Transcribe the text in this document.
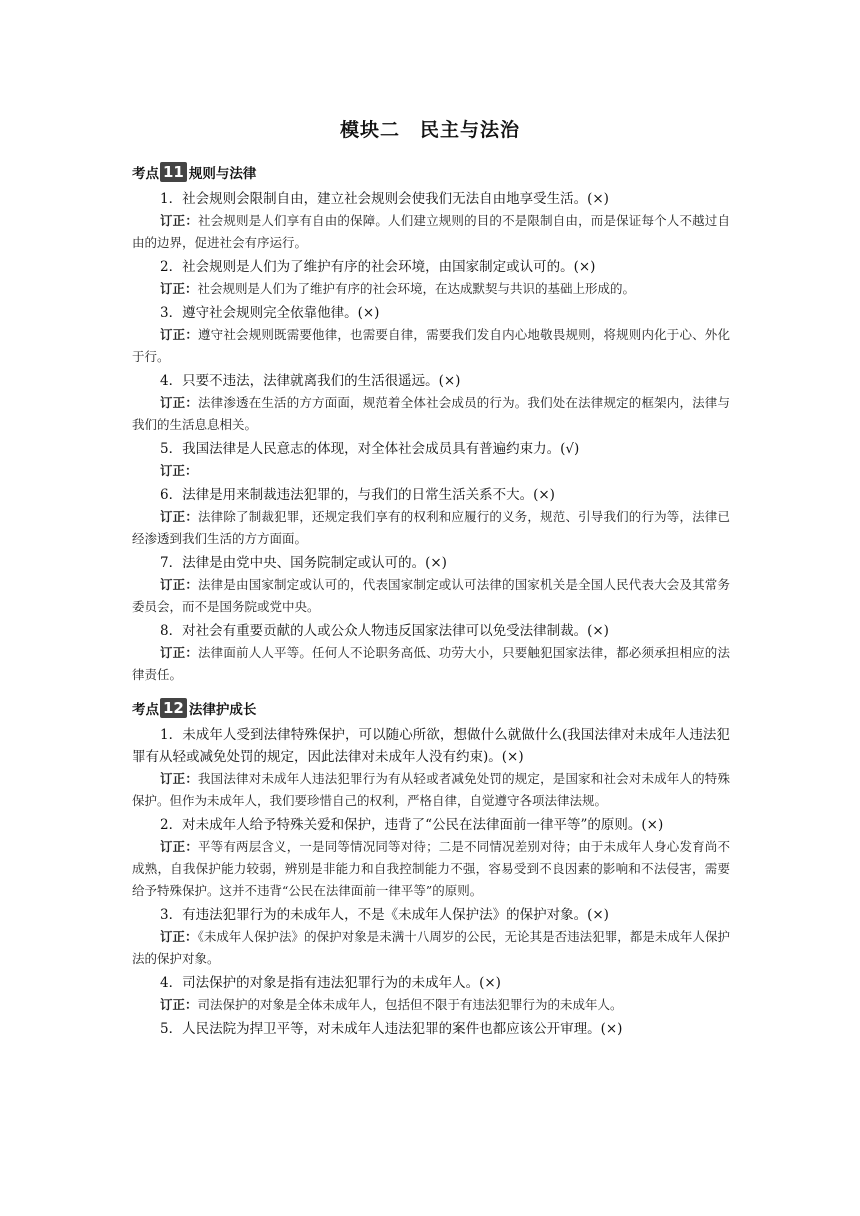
模块二　民主与法治
考点 11 规则与法律
1．社会规则会限制自由，建立社会规则会使我们无法自由地享受生活。(×)
订正：社会规则是人们享有自由的保障。人们建立规则的目的不是限制自由，而是保证每个人不越过自由的边界，促进社会有序运行。
2．社会规则是人们为了维护有序的社会环境，由国家制定或认可的。(×)
订正：社会规则是人们为了维护有序的社会环境，在达成默契与共识的基础上形成的。
3．遵守社会规则完全依靠他律。(×)
订正：遵守社会规则既需要他律，也需要自律，需要我们发自内心地敬畏规则，将规则内化于心、外化于行。
4．只要不违法，法律就离我们的生活很遥远。(×)
订正：法律渗透在生活的方方面面，规范着全体社会成员的行为。我们处在法律规定的框架内，法律与我们的生活息息相关。
5．我国法律是人民意志的体现，对全体社会成员具有普遍约束力。(√)
订正：
6．法律是用来制裁违法犯罪的，与我们的日常生活关系不大。(×)
订正：法律除了制裁犯罪，还规定我们享有的权利和应履行的义务，规范、引导我们的行为等，法律已经渗透到我们生活的方方面面。
7．法律是由党中央、国务院制定或认可的。(×)
订正：法律是由国家制定或认可的，代表国家制定或认可法律的国家机关是全国人民代表大会及其常务委员会，而不是国务院或党中央。
8．对社会有重要贡献的人或公众人物违反国家法律可以免受法律制裁。(×)
订正：法律面前人人平等。任何人不论职务高低、功劳大小，只要触犯国家法律，都必须承担相应的法律责任。
考点 12 法律护成长
1．未成年人受到法律特殊保护，可以随心所欲，想做什么就做什么(我国法律对未成年人违法犯罪有从轻或减免处罚的规定，因此法律对未成年人没有约束)。(×)
订正：我国法律对未成年人违法犯罪行为有从轻或者减免处罚的规定，是国家和社会对未成年人的特殊保护。但作为未成年人，我们要珍惜自己的权利，严格自律，自觉遵守各项法律法规。
2．对未成年人给予特殊关爱和保护，违背了“公民在法律面前一律平等”的原则。(×)
订正：平等有两层含义，一是同等情况同等对待；二是不同情况差别对待；由于未成年人身心发育尚不成熟，自我保护能力较弱，辨别是非能力和自我控制能力不强，容易受到不良因素的影响和不法侵害，需要给予特殊保护。这并不违背“公民在法律面前一律平等”的原则。
3．有违法犯罪行为的未成年人，不是《未成年人保护法》的保护对象。(×)
订正：《未成年人保护法》的保护对象是未满十八周岁的公民，无论其是否违法犯罪，都是未成年人保护法的保护对象。
4．司法保护的对象是指有违法犯罪行为的未成年人。(×)
订正：司法保护的对象是全体未成年人，包括但不限于有违法犯罪行为的未成年人。
5．人民法院为捍卫平等，对未成年人违法犯罪的案件也都应该公开审理。(×)
